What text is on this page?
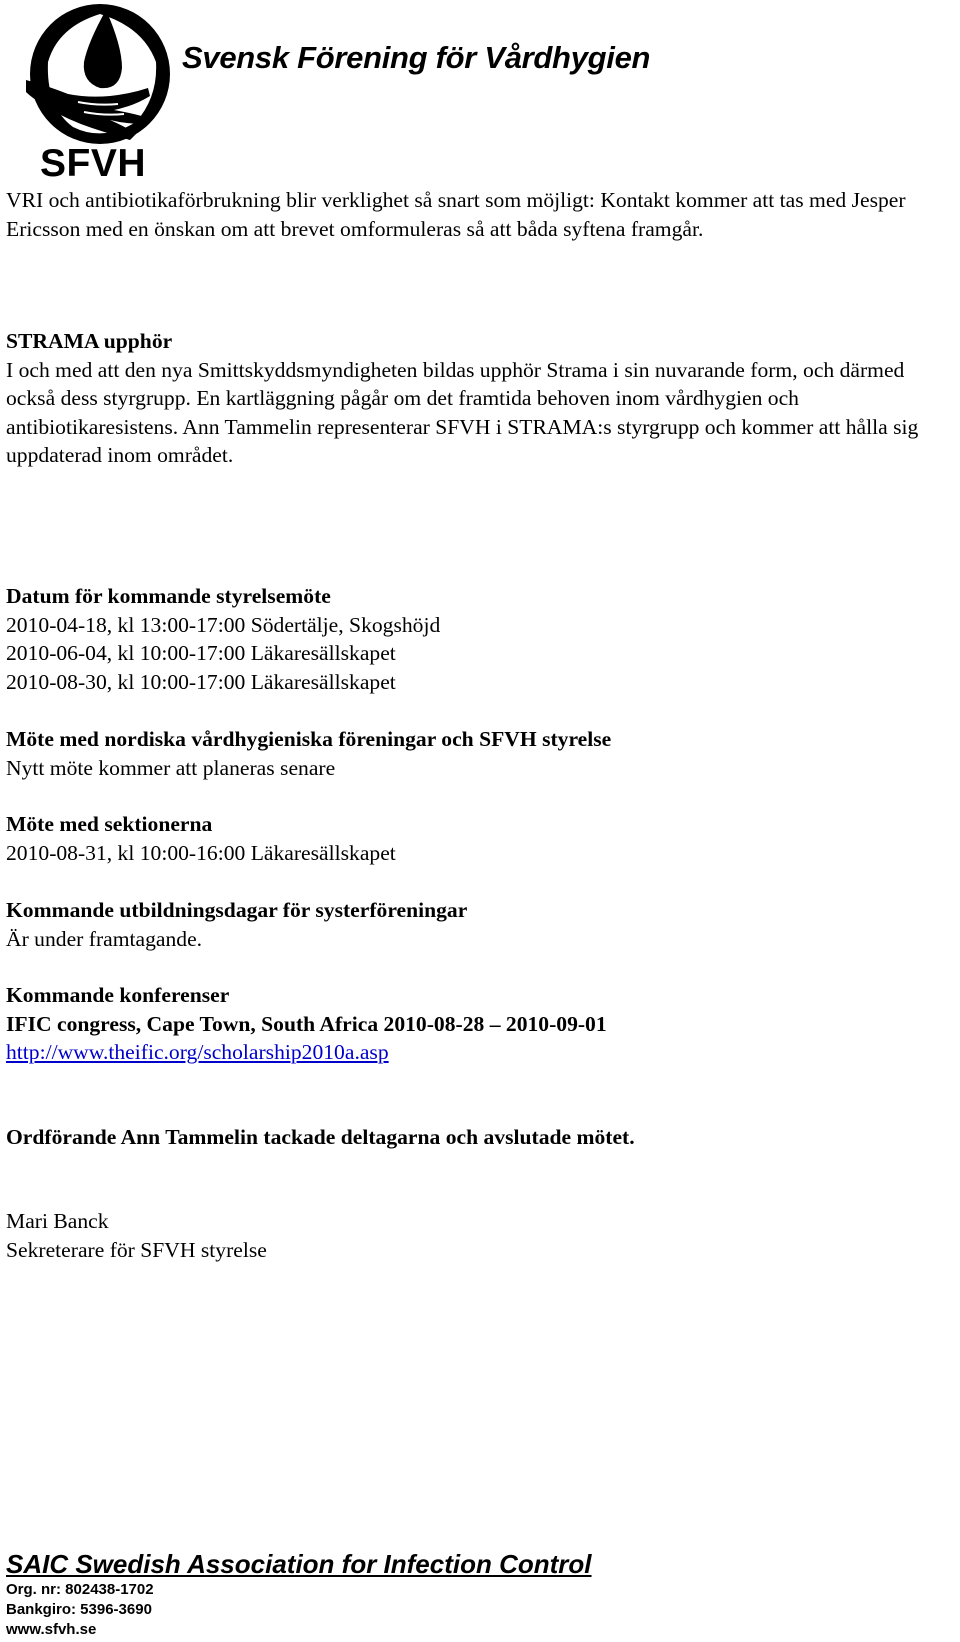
Svensk Förening för Vårdhygien
SFVH

VRI och antibiotikaförbrukning blir verklighet så snart som möjligt: Kontakt kommer att tas med Jesper Ericsson med en önskan om att brevet omformuleras så att båda syftena framgår.

STRAMA upphör

I och med att den nya Smittskyddsmyndigheten bildas upphör Strama i sin nuvarande form, och därmed också dess styrgrupp. En kartläggning pågår om det framtida behoven inom vårdhygien och antibiotikaresistens. Ann Tammelin representerar SFVH i STRAMA:s styrgrupp och kommer att hålla sig uppdaterad inom området.

Datum för kommande styrelsemöte

2010-04-18, kl 13:00-17:00 Södertälje, Skogshöjd

2010-06-04, kl 10:00-17:00 Läkaresällskapet

2010-08-30, kl 10:00-17:00 Läkaresällskapet

Möte med nordiska vårdhygieniska föreningar och SFVH styrelse

Nytt möte kommer att planeras senare

Möte med sektionerna

2010-08-31, kl 10:00-16:00 Läkaresällskapet

Kommande utbildningsdagar för systerföreningar

Är under framtagande.

Kommande konferenser

IFIC congress, Cape Town, South Africa 2010-08-28 – 2010-09-01

http://www.theific.org/scholarship2010a.asp

Ordförande Ann Tammelin tackade deltagarna och avslutade mötet.

Mari Banck

Sekreterare för SFVH styrelse

SAIC Swedish Association for Infection Control
Org. nr: 802438-1702
Bankgiro: 5396-3690
www.sfvh.se
